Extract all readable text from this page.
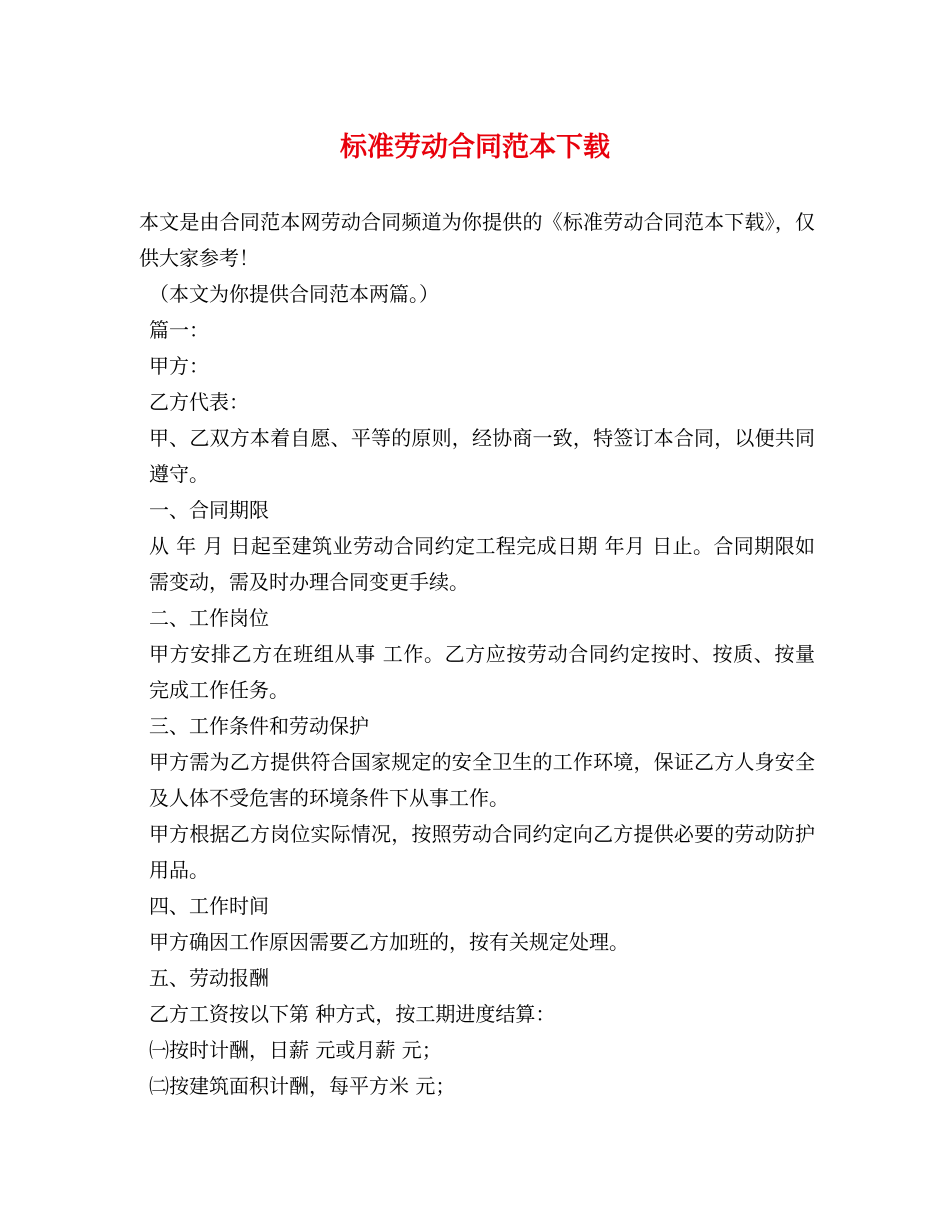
标准劳动合同范本下载

本文是由合同范本网劳动合同频道为你提供的《标准劳动合同范本下载》，仅供大家参考！

（本文为你提供合同范本两篇。）

篇一：

甲方：

乙方代表：

甲、乙双方本着自愿、平等的原则，经协商一致，特签订本合同，以便共同遵守。

一、合同期限

从 年 月 日起至建筑业劳动合同约定工程完成日期 年月 日止。合同期限如需变动，需及时办理合同变更手续。

二、工作岗位

甲方安排乙方在班组从事 工作。乙方应按劳动合同约定按时、按质、按量完成工作任务。

三、工作条件和劳动保护

甲方需为乙方提供符合国家规定的安全卫生的工作环境，保证乙方人身安全及人体不受危害的环境条件下从事工作。

甲方根据乙方岗位实际情况，按照劳动合同约定向乙方提供必要的劳动防护用品。

四、工作时间

甲方确因工作原因需要乙方加班的，按有关规定处理。

五、劳动报酬

乙方工资按以下第 种方式，按工期进度结算：

㈠按时计酬，日薪 元或月薪 元；

㈡按建筑面积计酬，每平方米 元；
